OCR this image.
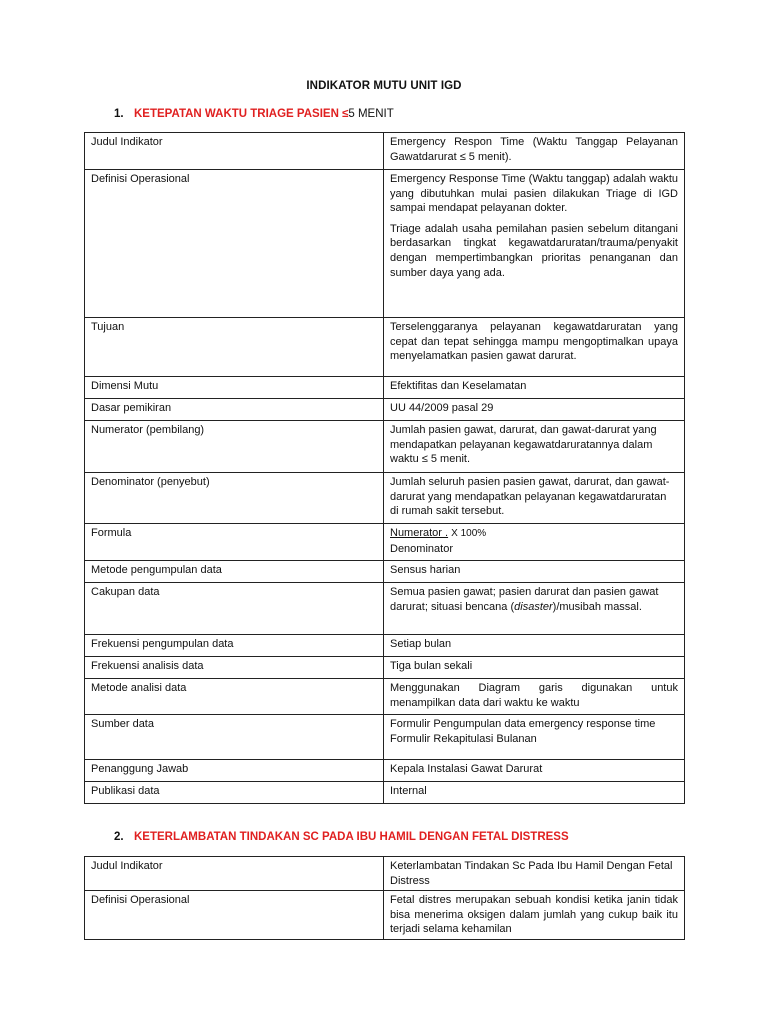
INDIKATOR MUTU UNIT IGD
1. KETEPATAN WAKTU TRIAGE PASIEN ≤5 MENIT
Judul Indikator	Emergency Respon Time (Waktu Tanggap Pelayanan Gawatdarurat ≤ 5 menit).
Definisi Operasional	Emergency Response Time (Waktu tanggap) adalah waktu yang dibutuhkan mulai pasien dilakukan Triage di IGD sampai mendapat pelayanan dokter.

Triage adalah usaha pemilahan pasien sebelum ditangani berdasarkan tingkat kegawatdaruratan/trauma/penyakit dengan mempertimbangkan prioritas penanganan dan sumber daya yang ada.

Tujuan	Terselenggaranya pelayanan kegawatdaruratan yang cepat dan tepat sehingga mampu mengoptimalkan upaya menyelamatkan pasien gawat darurat.
Dimensi Mutu	Efektifitas dan Keselamatan
Dasar pemikiran	UU 44/2009 pasal 29
Numerator (pembilang)	Jumlah pasien gawat, darurat, dan gawat-darurat yang mendapatkan pelayanan kegawatdaruratannya dalam waktu ≤ 5 menit.
Denominator (penyebut)	Jumlah seluruh pasien pasien gawat, darurat, dan gawat-darurat yang mendapatkan pelayanan kegawatdaruratan di rumah sakit tersebut.
Formula	Numerator . X 100%
Denominator

Metode pengumpulan data	Sensus harian
Cakupan data	Semua pasien gawat; pasien darurat dan pasien gawat darurat; situasi bencana (disaster)/musibah massal.
Frekuensi pengumpulan data	Setiap bulan
Frekuensi analisis data	Tiga bulan sekali
Metode analisi data	Menggunakan Diagram garis digunakan untuk menampilkan data dari waktu ke waktu
Sumber data	Formulir Pengumpulan data emergency response time
Formulir Rekapitulasi Bulanan

Penanggung Jawab	Kepala Instalasi Gawat Darurat
Publikasi data	Internal
2. KETERLAMBATAN TINDAKAN SC PADA IBU HAMIL DENGAN FETAL DISTRESS
Judul Indikator	Keterlambatan Tindakan Sc Pada Ibu Hamil Dengan Fetal Distress
Definisi Operasional	Fetal distres merupakan sebuah kondisi ketika janin tidak bisa menerima oksigen dalam jumlah yang cukup baik itu terjadi selama kehamilan
